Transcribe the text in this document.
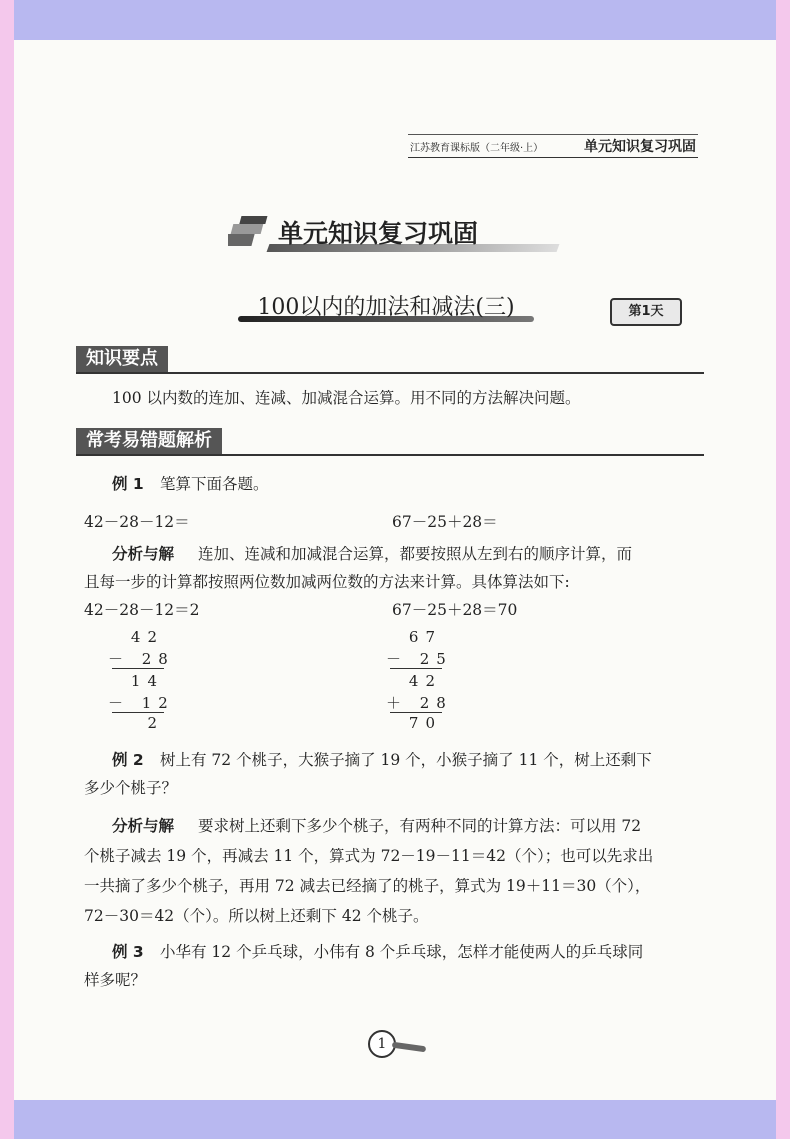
江苏教育课标版（二年级·上）	单元知识复习巩固
单元知识复习巩固
100以内的加法和减法(三)	第1天
知识要点
100 以内数的连加、连减、加减混合运算。用不同的方法解决问题。
常考易错题解析
例 1 笔算下面各题。
42－28－12＝	67－25＋28＝
分析与解 连加、连减和加减混合运算，都要按照从左到右的顺序计算，而
且每一步的计算都按照两位数加减两位数的方法来计算。具体算法如下:
42－28－12＝2	67－25＋28＝70
42
－ 28
14
－ 12
2
67
－ 25
42
＋ 28
70
例 2 树上有 72 个桃子，大猴子摘了 19 个，小猴子摘了 11 个，树上还剩下
多少个桃子？
分析与解 要求树上还剩下多少个桃子，有两种不同的计算方法：可以用 72
个桃子减去 19 个，再减去 11 个，算式为 72－19－11＝42（个）；也可以先求出
一共摘了多少个桃子，再用 72 减去已经摘了的桃子，算式为 19＋11＝30（个），
72－30＝42（个）。所以树上还剩下 42 个桃子。
例 3 小华有 12 个乒乓球，小伟有 8 个乒乓球，怎样才能使两人的乒乓球同
样多呢？
1
